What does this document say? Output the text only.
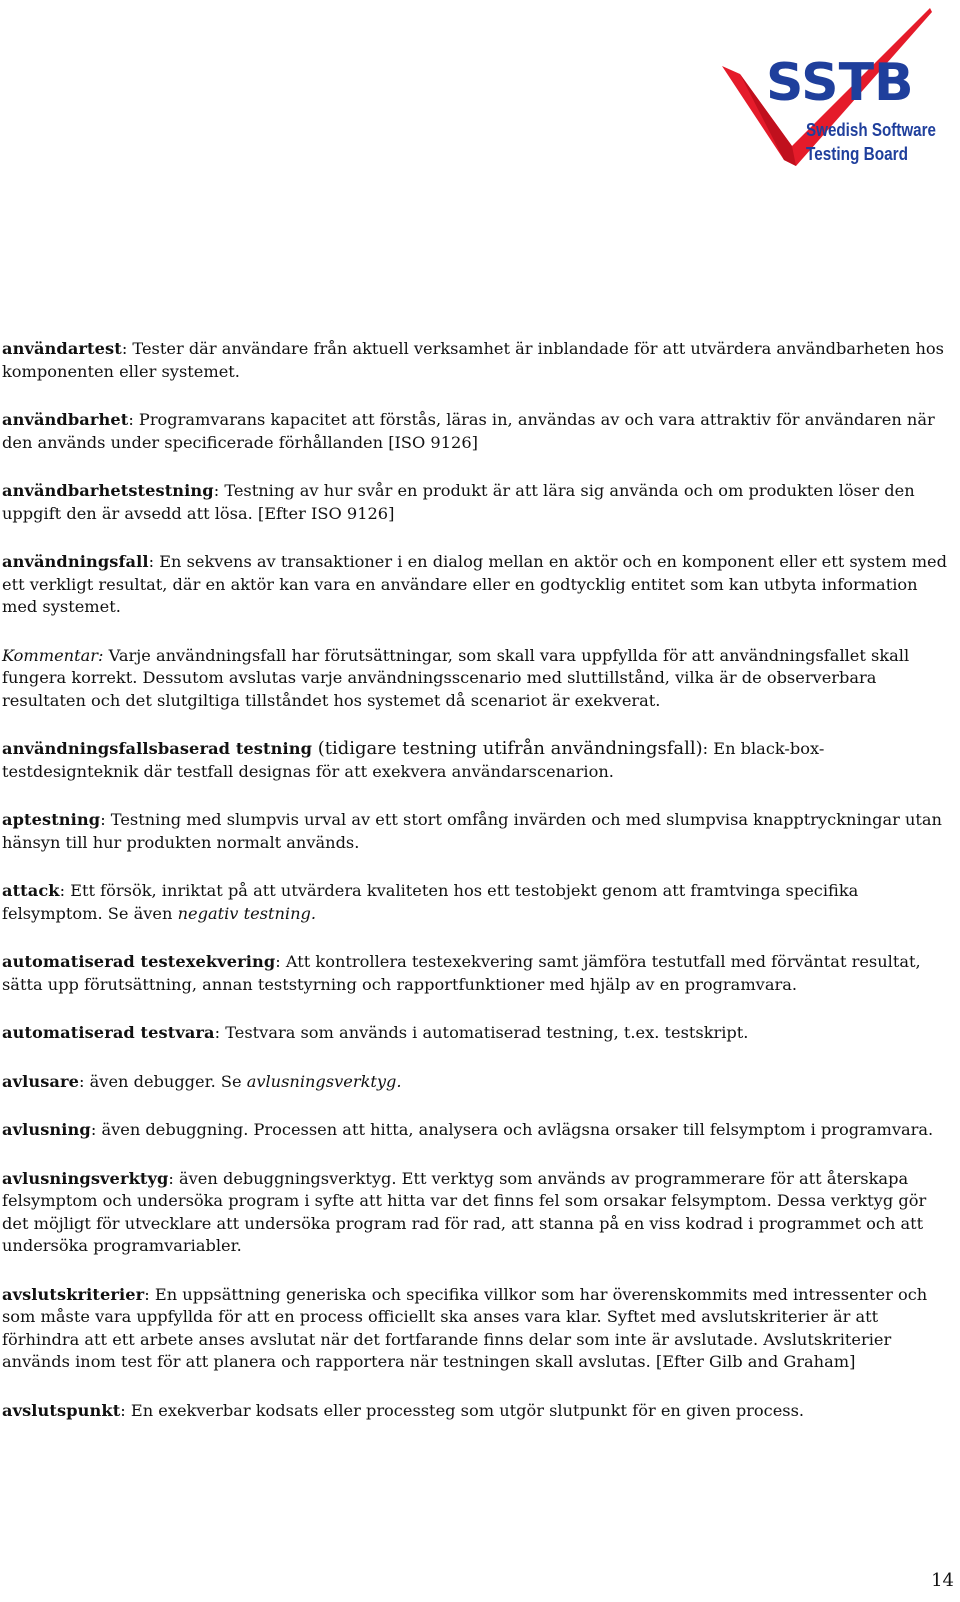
SSTB
Swedish Software
Testing Board

användartest: Tester där användare från aktuell verksamhet är inblandade för att utvärdera användbarheten hos komponenten eller systemet.

användbarhet: Programvarans kapacitet att förstås, läras in, användas av och vara attraktiv för användaren när den används under specificerade förhållanden [ISO 9126]

användbarhetstestning: Testning av hur svår en produkt är att lära sig använda och om produkten löser den uppgift den är avsedd att lösa. [Efter ISO 9126]

användningsfall: En sekvens av transaktioner i en dialog mellan en aktör och en komponent eller ett system med ett verkligt resultat, där en aktör kan vara en användare eller en godtycklig entitet som kan utbyta information med systemet.

Kommentar: Varje användningsfall har förutsättningar, som skall vara uppfyllda för att användningsfallet skall fungera korrekt. Dessutom avslutas varje användningsscenario med sluttillstånd, vilka är de observerbara resultaten och det slutgiltiga tillståndet hos systemet då scenariot är exekverat.

användningsfallsbaserad testning (tidigare testning utifrån användningsfall): En black-box-testdesignteknik där testfall designas för att exekvera användarscenarion.

aptestning: Testning med slumpvis urval av ett stort omfång invärden och med slumpvisa knapptryckningar utan hänsyn till hur produkten normalt används.

attack: Ett försök, inriktat på att utvärdera kvaliteten hos ett testobjekt genom att framtvinga specifika felsymptom. Se även negativ testning.

automatiserad testexekvering: Att kontrollera testexekvering samt jämföra testutfall med förväntat resultat, sätta upp förutsättning, annan teststyrning och rapportfunktioner med hjälp av en programvara.

automatiserad testvara: Testvara som används i automatiserad testning, t.ex. testskript.

avlusare: även debugger. Se avlusningsverktyg.

avlusning: även debuggning. Processen att hitta, analysera och avlägsna orsaker till felsymptom i programvara.

avlusningsverktyg: även debuggningsverktyg. Ett verktyg som används av programmerare för att återskapa felsymptom och undersöka program i syfte att hitta var det finns fel som orsakar felsymptom. Dessa verktyg gör det möjligt för utvecklare att undersöka program rad för rad, att stanna på en viss kodrad i programmet och att undersöka programvariabler.

avslutskriterier: En uppsättning generiska och specifika villkor som har överenskommits med intressenter och som måste vara uppfyllda för att en process officiellt ska anses vara klar. Syftet med avslutskriterier är att förhindra att ett arbete anses avslutat när det fortfarande finns delar som inte är avslutade. Avslutskriterier används inom test för att planera och rapportera när testningen skall avslutas. [Efter Gilb and Graham]

avslutspunkt: En exekverbar kodsats eller processteg som utgör slutpunkt för en given process.

14
